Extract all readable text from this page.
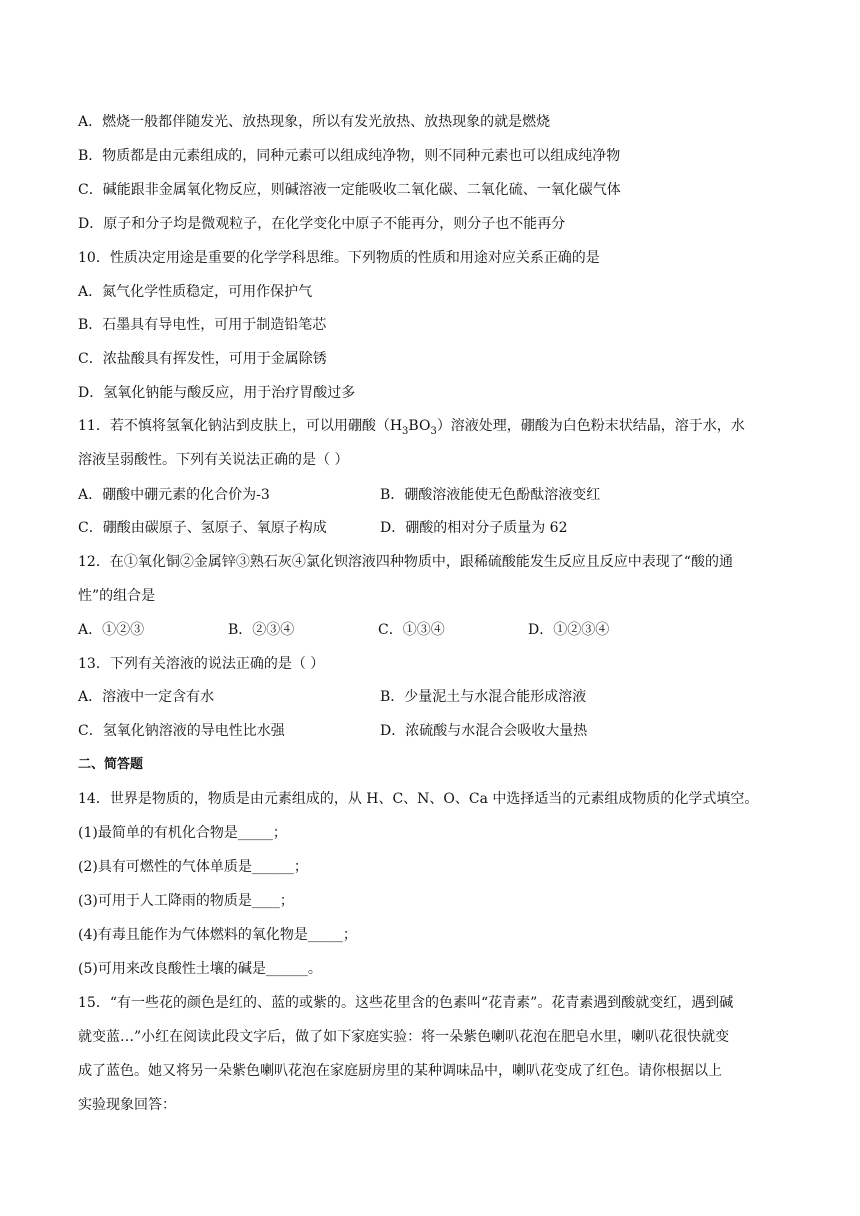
A．燃烧一般都伴随发光、放热现象，所以有发光放热、放热现象的就是燃烧
B．物质都是由元素组成的，同种元素可以组成纯净物，则不同种元素也可以组成纯净物
C．碱能跟非金属氧化物反应，则碱溶液一定能吸收二氧化碳、二氧化硫、一氧化碳气体
D．原子和分子均是微观粒子，在化学变化中原子不能再分，则分子也不能再分
10．性质决定用途是重要的化学学科思维。下列物质的性质和用途对应关系正确的是
A．氮气化学性质稳定，可用作保护气
B．石墨具有导电性，可用于制造铅笔芯
C．浓盐酸具有挥发性，可用于金属除锈
D．氢氧化钠能与酸反应，用于治疗胃酸过多
11．若不慎将氢氧化钠沾到皮肤上，可以用硼酸$(H_3BO_3)$溶液处理，硼酸为白色粉末状结晶，溶于水，水
溶液呈弱酸性。下列有关说法正确的是（ ）
A．硼酸中硼元素的化合价为-3	B．硼酸溶液能使无色酚酞溶液变红
C．硼酸由碳原子、氢原子、氧原子构成	D．硼酸的相对分子质量为 62
12．在①氧化铜②金属锌③熟石灰④氯化钡溶液四种物质中，跟稀硫酸能发生反应且反应中表现了“酸的通
性”的组合是
A．①②③	B．②③④	C．①③④	D．①②③④
13．下列有关溶液的说法正确的是（ ）
A．溶液中一定含有水	B．少量泥土与水混合能形成溶液
C．氢氧化钠溶液的导电性比水强	D．浓硫酸与水混合会吸收大量热
二、简答题
14．世界是物质的，物质是由元素组成的，从 H、C、N、O、Ca 中选择适当的元素组成物质的化学式填空。
(1)最简单的有机化合物是_____；
(2)具有可燃性的气体单质是______；
(3)可用于人工降雨的物质是____；
(4)有毒且能作为气体燃料的氧化物是_____；
(5)可用来改良酸性土壤的碱是______。
15．“有一些花的颜色是红的、蓝的或紫的。这些花里含的色素叫“花青素”。花青素遇到酸就变红，遇到碱
就变蓝…”小红在阅读此段文字后，做了如下家庭实验：将一朵紫色喇叭花泡在肥皂水里，喇叭花很快就变
成了蓝色。她又将另一朵紫色喇叭花泡在家庭厨房里的某种调味品中，喇叭花变成了红色。请你根据以上
实验现象回答：
